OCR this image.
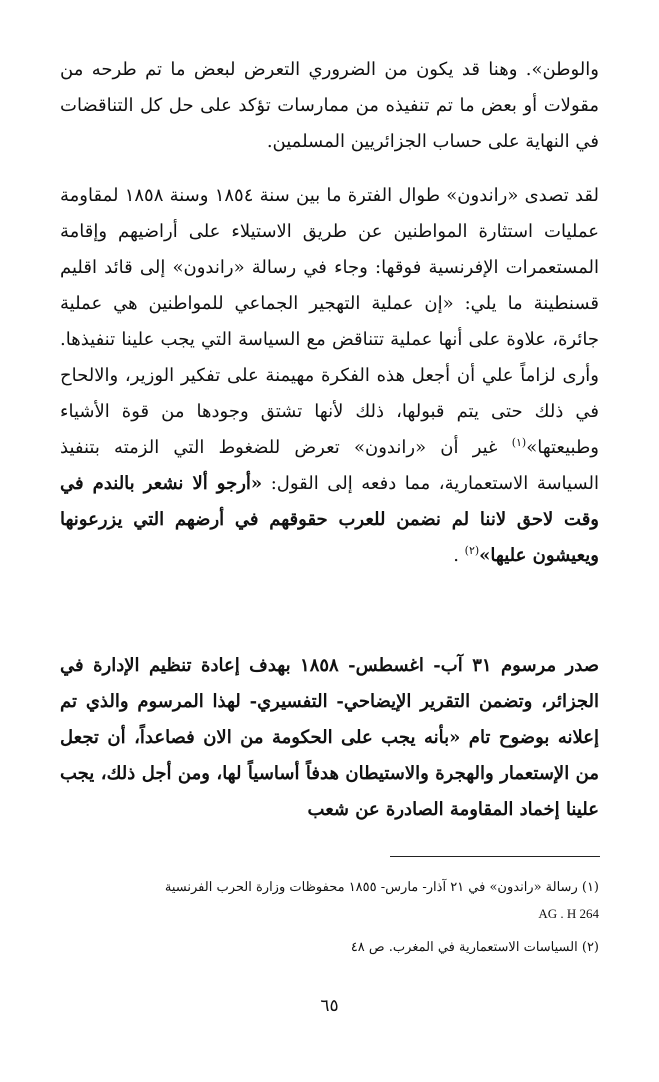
والوطن». وهنا قد يكون من الضروري التعرض لبعض ما تم طرحه من مقولات أو بعض ما تم تنفيذه من ممارسات تؤكد على حل كل التناقضات في النهاية على حساب الجزائريين المسلمين.

لقد تصدى «راندون» طوال الفترة ما بين سنة ١٨٥٤ وسنة ١٨٥٨ لمقاومة عمليات استثارة المواطنين عن طريق الاستيلاء على أراضيهم وإقامة المستعمرات الإفرنسية فوقها: وجاء في رسالة «راندون» إلى قائد اقليم قسنطينة ما يلي: «إن عملية التهجير الجماعي للمواطنين هي عملية جائرة، علاوة على أنها عملية تتناقض مع السياسة التي يجب علينا تنفيذها. وأرى لزاماً علي أن أجعل هذه الفكرة مهيمنة على تفكير الوزير، والالحاح في ذلك حتى يتم قبولها، ذلك لأنها تشتق وجودها من قوة الأشياء وطبيعتها»$^{(١)}$ غير أن «راندون» تعرض للضغوط التي الزمته بتنفيذ السياسة الاستعمارية، مما دفعه إلى القول: «أرجو ألا نشعر بالندم في وقت لاحق لاننا لم نضمن للعرب حقوقهم في أرضهم التي يزرعونها ويعيشون عليها»$^{(٢)}$ .

صدر مرسوم ٣١ آب- اغسطس- ١٨٥٨ بهدف إعادة تنظيم الإدارة في الجزائر، وتضمن التقرير الإيضاحي- التفسيري- لهذا المرسوم والذي تم إعلانه بوضوح تام «بأنه يجب على الحكومة من الان فصاعداً، أن تجعل من الإستعمار والهجرة والاستيطان هدفاً أساسياً لها، ومن أجل ذلك، يجب علينا إخماد المقاومة الصادرة عن شعب

(١) رسالة «راندون» في ٢١ آذار- مارس- ١٨٥٥ محفوظات وزارة الحرب الفرنسية

AG . H 264

(٢) السياسات الاستعمارية في المغرب. ص ٤٨

٦٥
